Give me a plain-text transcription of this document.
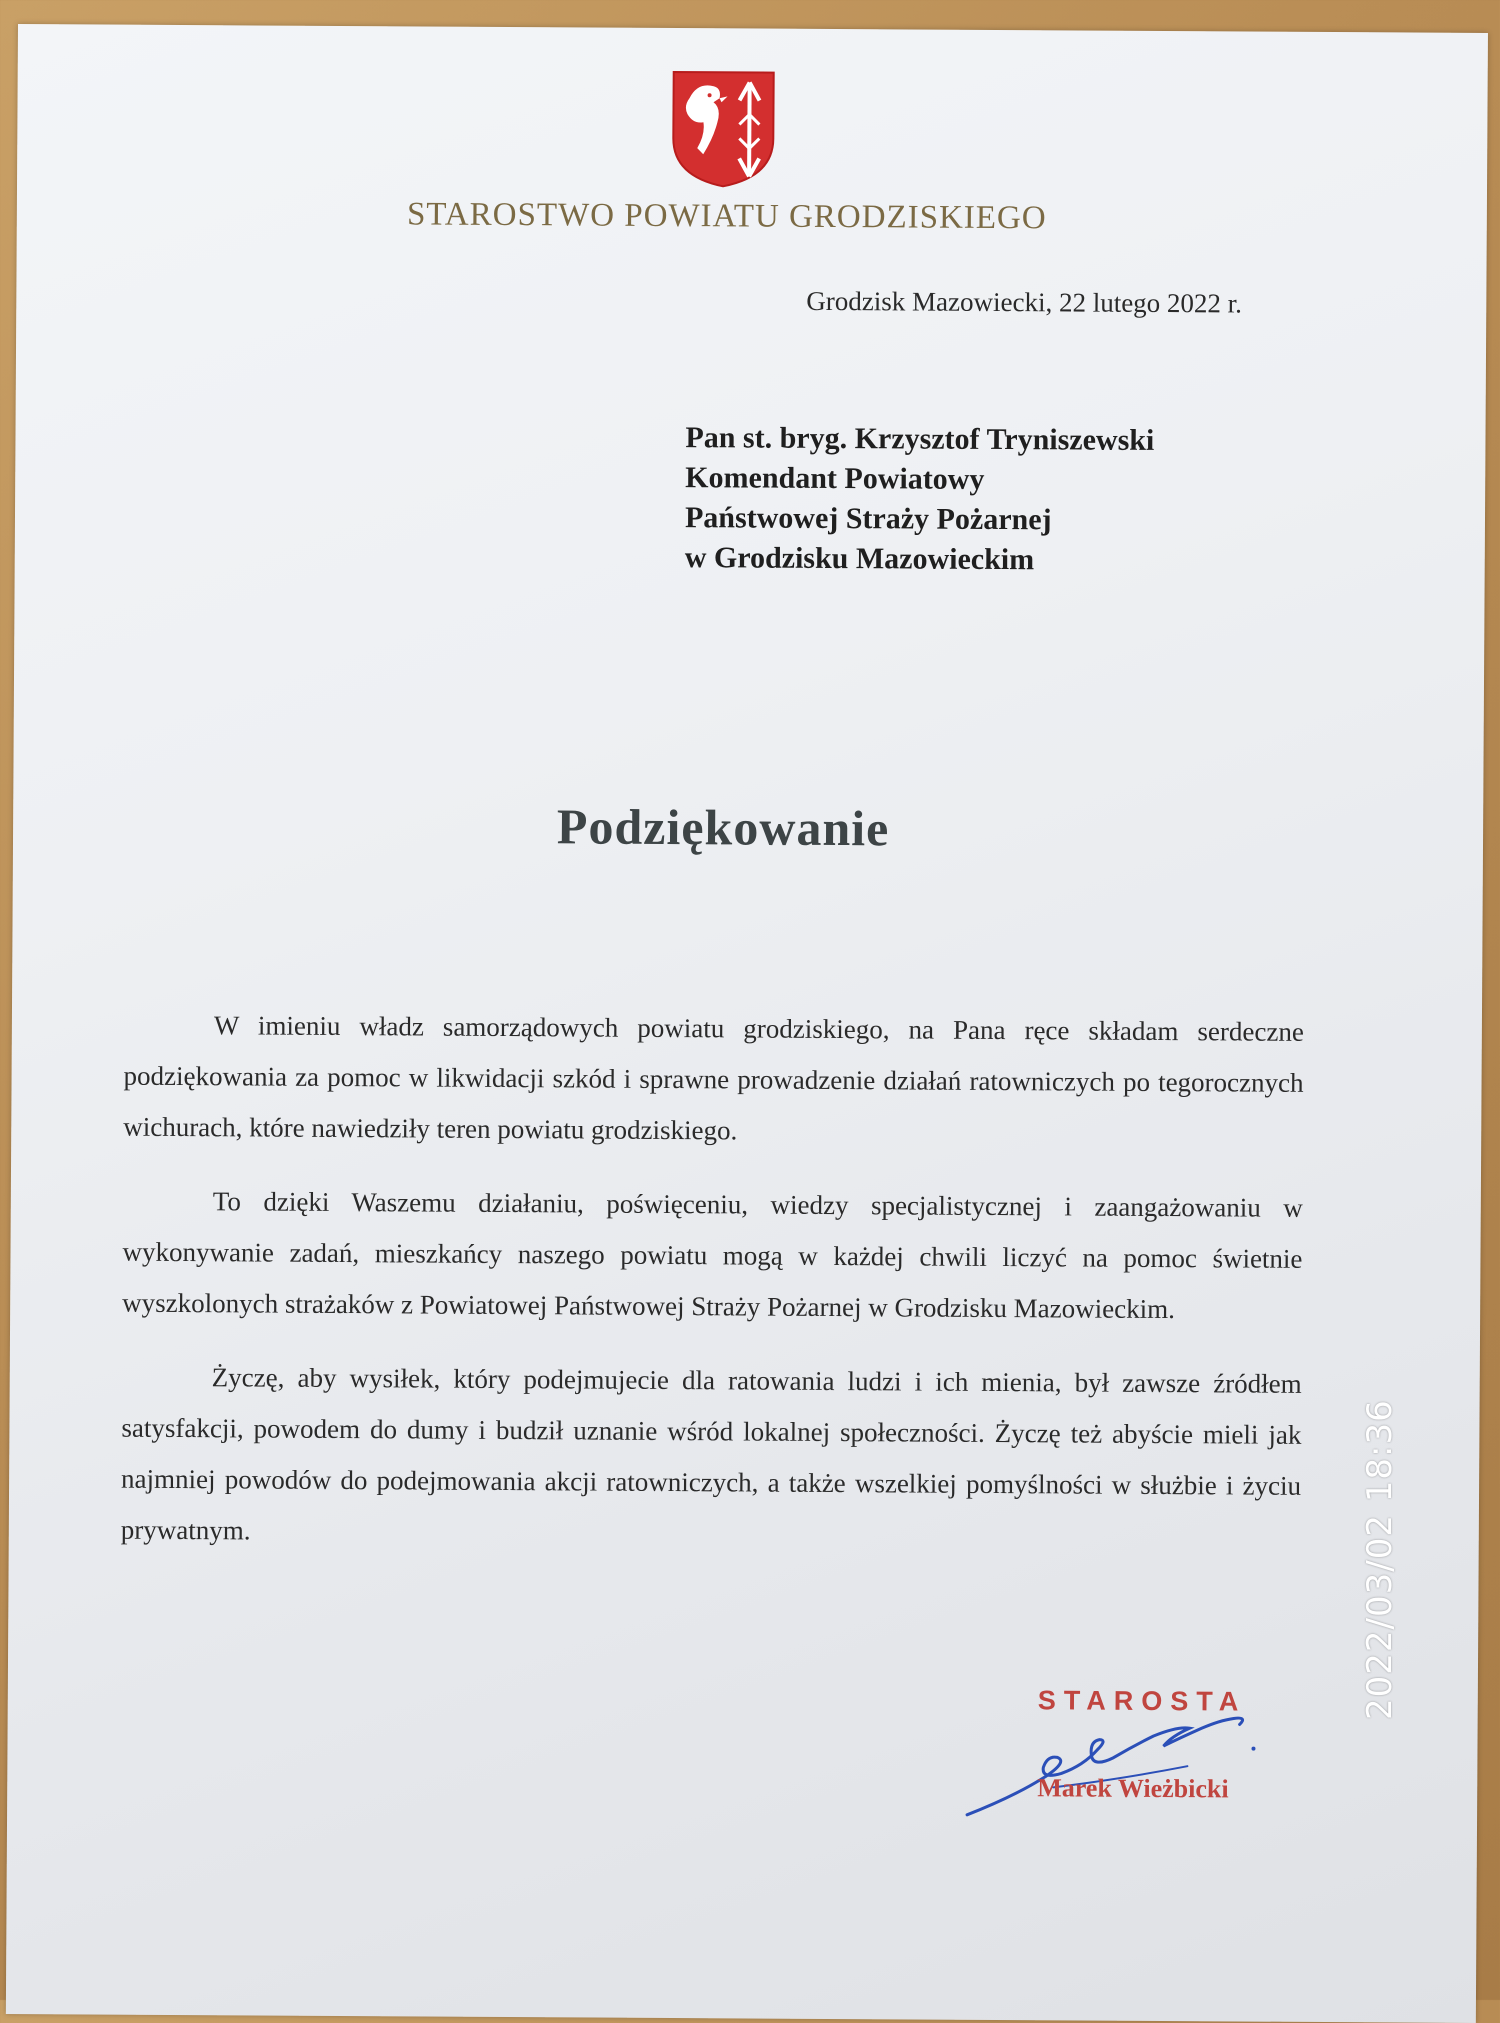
STAROSTWO POWIATU GRODZISKIEGO
Grodzisk Mazowiecki, 22 lutego 2022 r.
Pan st. bryg. Krzysztof Tryniszewski
Komendant Powiatowy
Państwowej Straży Pożarnej
w Grodzisku Mazowieckim
Podziękowanie

W imieniu władz samorządowych powiatu grodziskiego, na Pana ręce składam serdeczne podziękowania za pomoc w likwidacji szkód i sprawne prowadzenie działań ratowniczych po tegorocznych wichurach, które nawiedziły teren powiatu grodziskiego.

To dzięki Waszemu działaniu, poświęceniu, wiedzy specjalistycznej i zaangażowaniu w wykonywanie zadań, mieszkańcy naszego powiatu mogą w każdej chwili liczyć na pomoc świetnie wyszkolonych strażaków z Powiatowej Państwowej Straży Pożarnej w Grodzisku Mazowieckim.

Życzę, aby wysiłek, który podejmujecie dla ratowania ludzi i ich mienia, był zawsze źródłem satysfakcji, powodem do dumy i budził uznanie wśród lokalnej społeczności. Życzę też abyście mieli jak najmniej powodów do podejmowania akcji ratowniczych, a także wszelkiej pomyślności w służbie i życiu prywatnym.

STAROSTA
Marek Wieżbicki
2022/03/02 18:36
